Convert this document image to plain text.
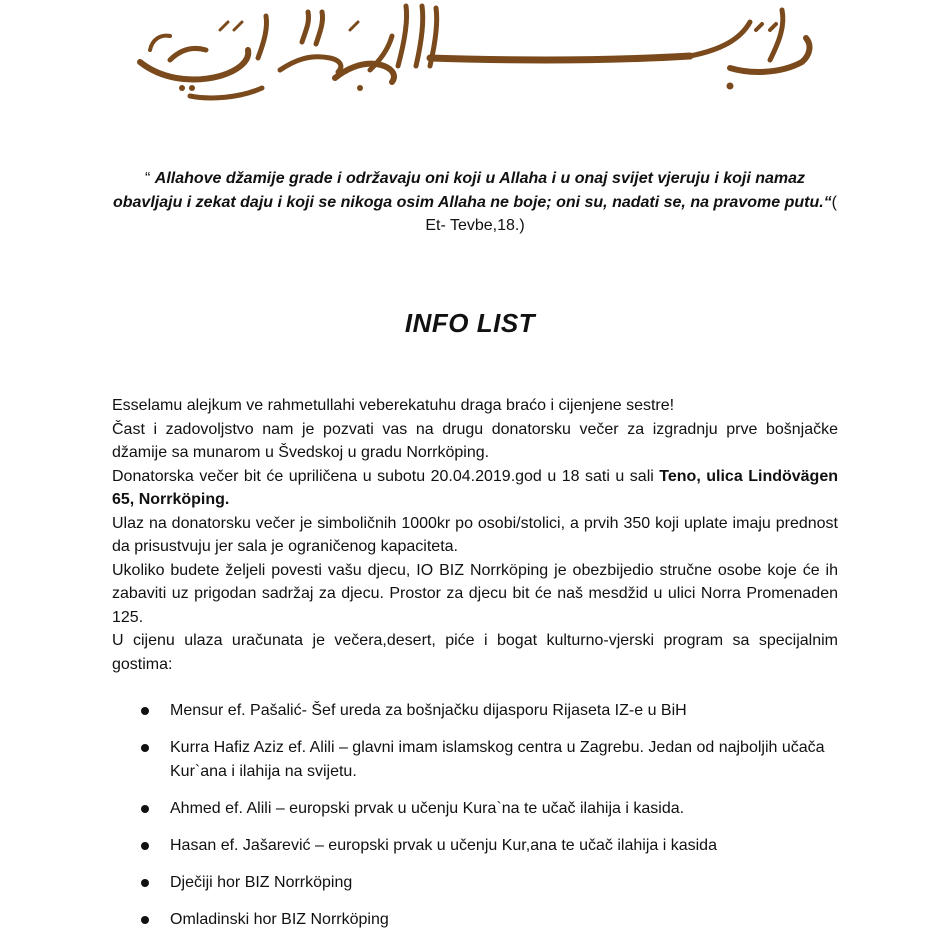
“ Allahove džamije grade i održavaju oni koji u Allaha i u onaj svijet vjeruju i koji namaz obavljaju i zekat daju i koji se nikoga osim Allaha ne boje; oni su, nadati se, na pravome putu.“( Et- Tevbe,18.)
INFO LIST

Esselamu alejkum ve rahmetullahi veberekatuhu draga braćo i cijenjene sestre!

Čast i zadovoljstvo nam je pozvati vas na drugu donatorsku večer za izgradnju prve bošnjačke džamije sa munarom u Švedskoj u gradu Norrköping.

Donatorska večer bit će upriličena u subotu 20.04.2019.god u 18 sati u sali Teno, ulica Lindövägen 65, Norrköping.

Ulaz na donatorsku večer je simboličnih 1000kr po osobi/stolici, a prvih 350 koji uplate imaju prednost da prisustvuju jer sala je ograničenog kapaciteta.

Ukoliko budete željeli povesti vašu djecu, IO BIZ Norrköping je obezbijedio stručne osobe koje će ih zabaviti uz prigodan sadržaj za djecu. Prostor za djecu bit će naš mesdžid u ulici Norra Promenaden 125.

U cijenu ulaza uračunata je večera,desert, piće i bogat kulturno-vjerski program sa specijalnim gostima:

Mensur ef. Pašalić- Šef ureda za bošnjačku dijasporu Rijaseta IZ-e u BiH
Kurra Hafiz Aziz ef. Alili – glavni imam islamskog centra u Zagrebu. Jedan od najboljih učača Kur`ana i ilahija na svijetu.
Ahmed ef. Alili – europski prvak u učenju Kura`na te učač ilahija i kasida.
Hasan ef. Jašarević – europski prvak u učenju Kur,ana te učač ilahija i kasida
Dječiji hor BIZ Norrköping
Omladinski hor BIZ Norrköping
